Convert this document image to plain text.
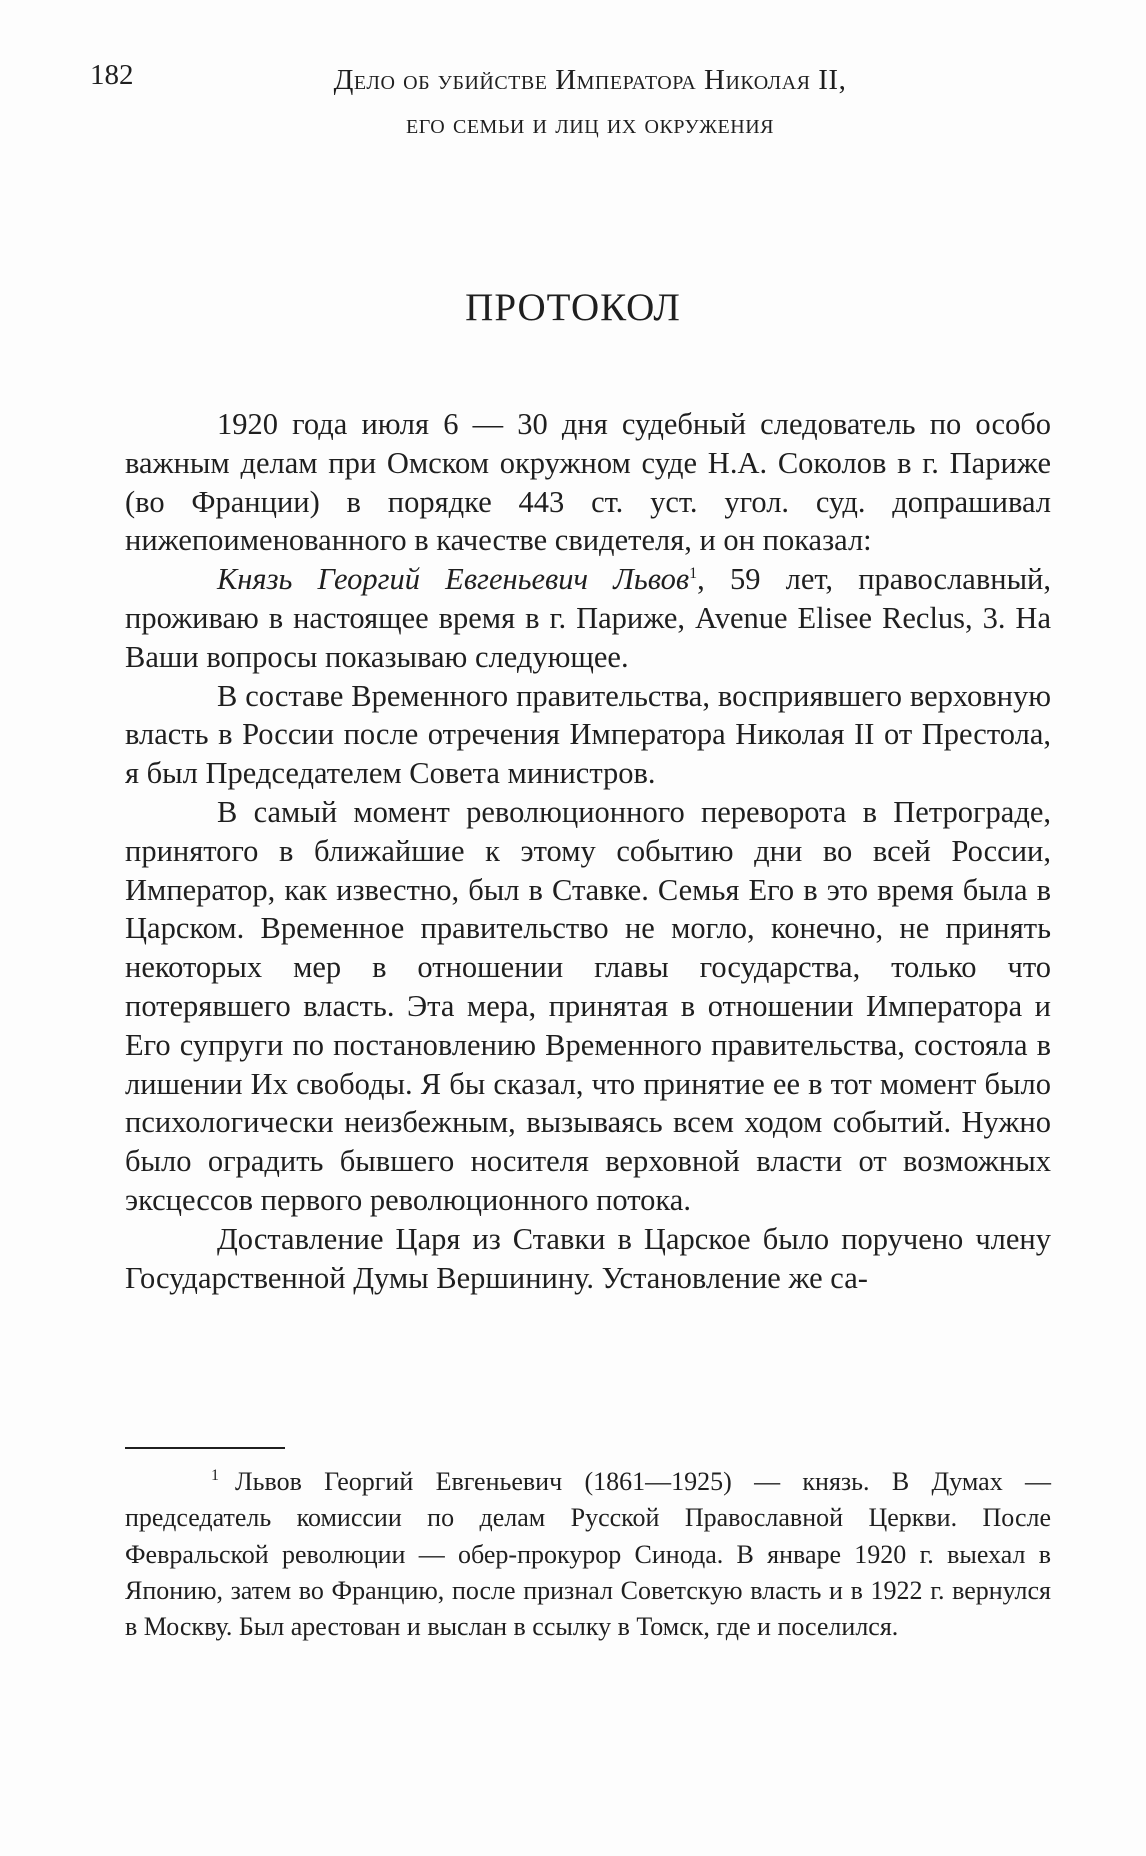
182	Дело об убийстве Императора Николая II,
его семьи и лиц их окружения
ПРОТОКОЛ

1920 года июля 6 — 30 дня судебный следователь по особо важным делам при Омском окружном суде Н.А. Соколов в г. Париже (во Франции) в порядке 443 ст. уст. угол. суд. допрашивал нижепоименованного в качестве свидетеля, и он показал:

Князь Георгий Евгеньевич Львов$^1$, 59 лет, православный, проживаю в настоящее время в г. Париже, Avenue Elisee Reclus, 3. На Ваши вопросы показываю следующее.

В составе Временного правительства, восприявшего верховную власть в России после отречения Императора Николая II от Престола, я был Председателем Совета министров.

В самый момент революционного переворота в Петрограде, принятого в ближайшие к этому событию дни во всей России, Император, как известно, был в Ставке. Семья Его в это время была в Царском. Временное правительство не могло, конечно, не принять некоторых мер в отношении главы государства, только что потерявшего власть. Эта мера, принятая в отношении Императора и Его супруги по постановлению Временного правительства, состояла в лишении Их свободы. Я бы сказал, что принятие ее в тот момент было психологически неизбежным, вызываясь всем ходом событий. Нужно было оградить бывшего носителя верховной власти от возможных эксцессов первого революционного потока.

Доставление Царя из Ставки в Царское было поручено члену Государственной Думы Вершинину. Установление же са-

$^1$ Львов Георгий Евгеньевич (1861—1925) — князь. В Думах — председатель комиссии по делам Русской Православной Церкви. После Февральской революции — обер-прокурор Синода. В январе 1920 г. выехал в Японию, затем во Францию, после признал Советскую власть и в 1922 г. вернулся в Москву. Был арестован и выслан в ссылку в Томск, где и поселился.
